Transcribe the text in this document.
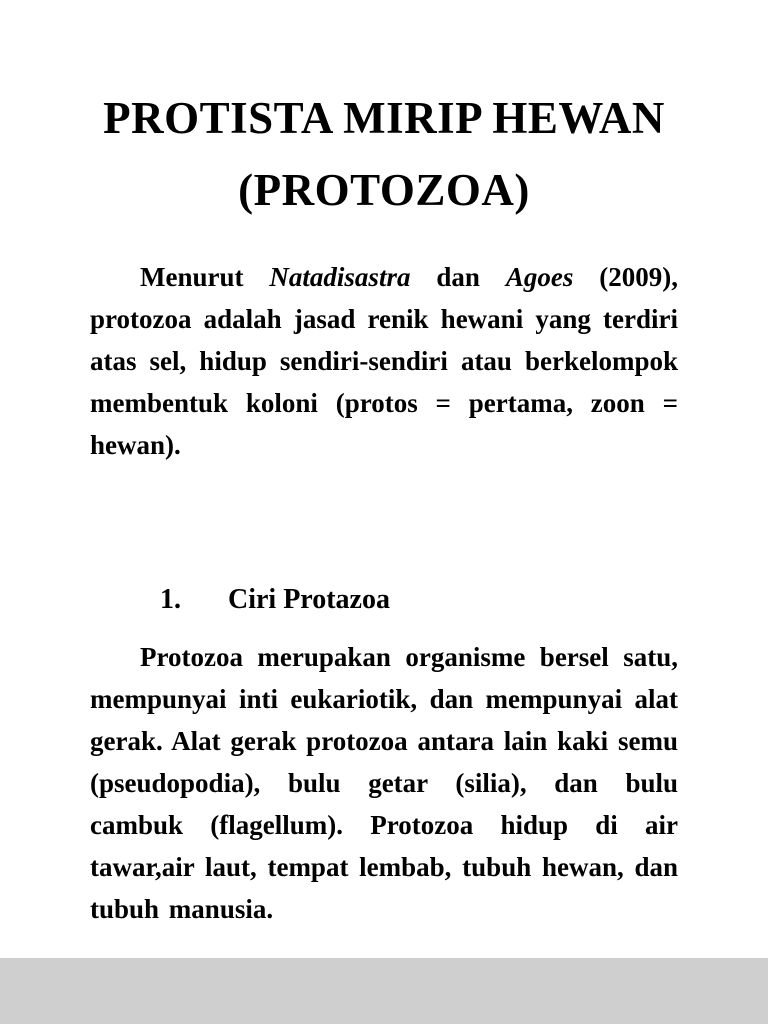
PROTISTA MIRIP HEWAN
(PROTOZOA)

Menurut Natadisastra dan Agoes (2009), protozoa adalah jasad renik hewani yang terdiri atas sel, hidup sendiri-sendiri atau berkelompok membentuk koloni (protos = pertama, zoon = hewan).

1. Ciri Protazoa

Protozoa merupakan organisme bersel satu, mempunyai inti eukariotik, dan mempunyai alat gerak. Alat gerak protozoa antara lain kaki semu (pseudopodia), bulu getar (silia), dan bulu cambuk (flagellum). Protozoa hidup di air tawar,air laut, tempat lembab, tubuh hewan, dan tubuh manusia.
